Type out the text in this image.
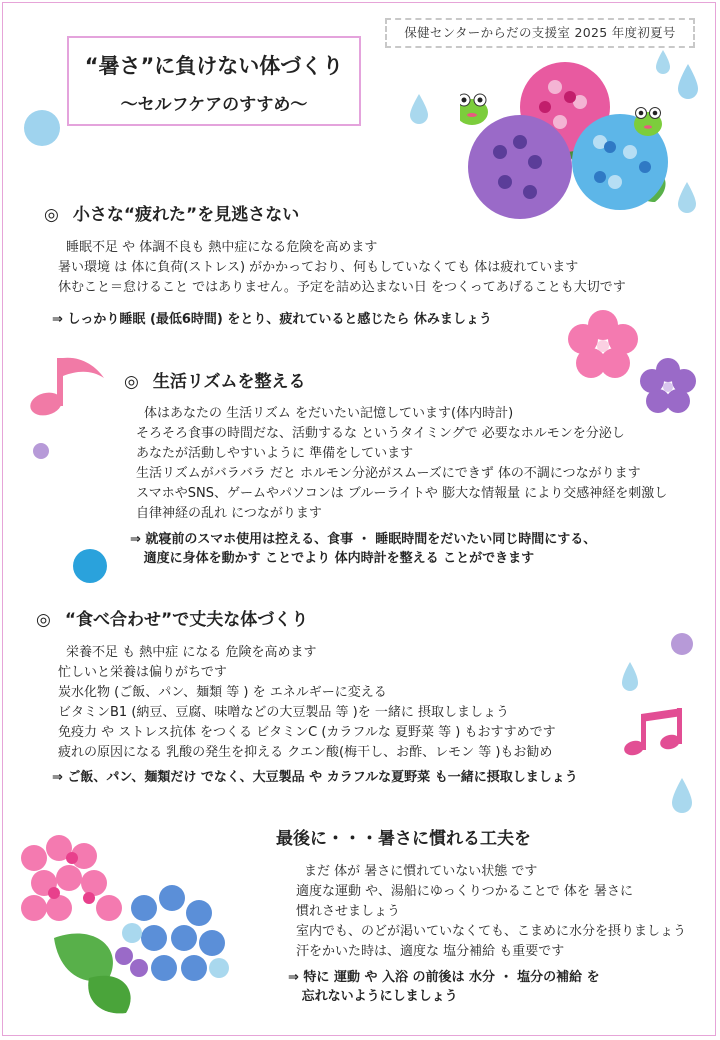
保健センターからだの支援室 2025 年度初夏号
“暑さ”に負けない体づくり
～セルフケアのすすめ～
◎ 小さな“疲れた”を見逃さない
睡眠不足 や 体調不良も 熱中症になる危険を高めます
暑い環境 は 体に負荷(ストレス) がかかっており、何もしていなくても 体は疲れています
休むこと＝怠けること ではありません。予定を詰め込まない日 をつくってあげることも大切です
⇒ しっかり睡眠 (最低6時間) をとり、疲れていると感じたら 休みましょう
◎ 生活リズムを整える
体はあなたの 生活リズム をだいたい記憶しています(体内時計)
そろそろ食事の時間だな、活動するな というタイミングで 必要なホルモンを分泌し
あなたが活動しやすいように 準備をしています
生活リズムがバラバラ だと ホルモン分泌がスムーズにできず 体の不調につながります
スマホやSNS、ゲームやパソコンは ブルーライトや 膨大な情報量 により交感神経を刺激し
自律神経の乱れ につながります
⇒ 就寝前のスマホ使用は控える、食事 ・ 睡眠時間をだいたい同じ時間にする、
適度に身体を動かす ことでより 体内時計を整える ことができます
◎ “食べ合わせ”で丈夫な体づくり
栄養不足 も 熱中症 になる 危険を高めます
忙しいと栄養は偏りがちです
炭水化物 (ご飯、パン、麺類 等 ) を エネルギーに変える
ビタミンB1 (納豆、豆腐、味噌などの大豆製品 等 )を 一緒に 摂取しましょう
免疫力 や ストレス抗体 をつくる ビタミンC (カラフルな 夏野菜 等 ) もおすすめです
疲れの原因になる 乳酸の発生を抑える クエン酸(梅干し、お酢、レモン 等 )もお勧め
⇒ ご飯、パン、麺類だけ でなく、大豆製品 や カラフルな夏野菜 も一緒に摂取しましょう
最後に・・・暑さに慣れる工夫を
まだ 体が 暑さに慣れていない状態 です
適度な運動 や、湯船にゆっくりつかることで 体を 暑さに
慣れさせましょう
室内でも、のどが渇いていなくても、こまめに水分を摂りましょう
汗をかいた時は、適度な 塩分補給 も重要です
⇒ 特に 運動 や 入浴 の前後は 水分 ・ 塩分の補給 を
忘れないようにしましょう
